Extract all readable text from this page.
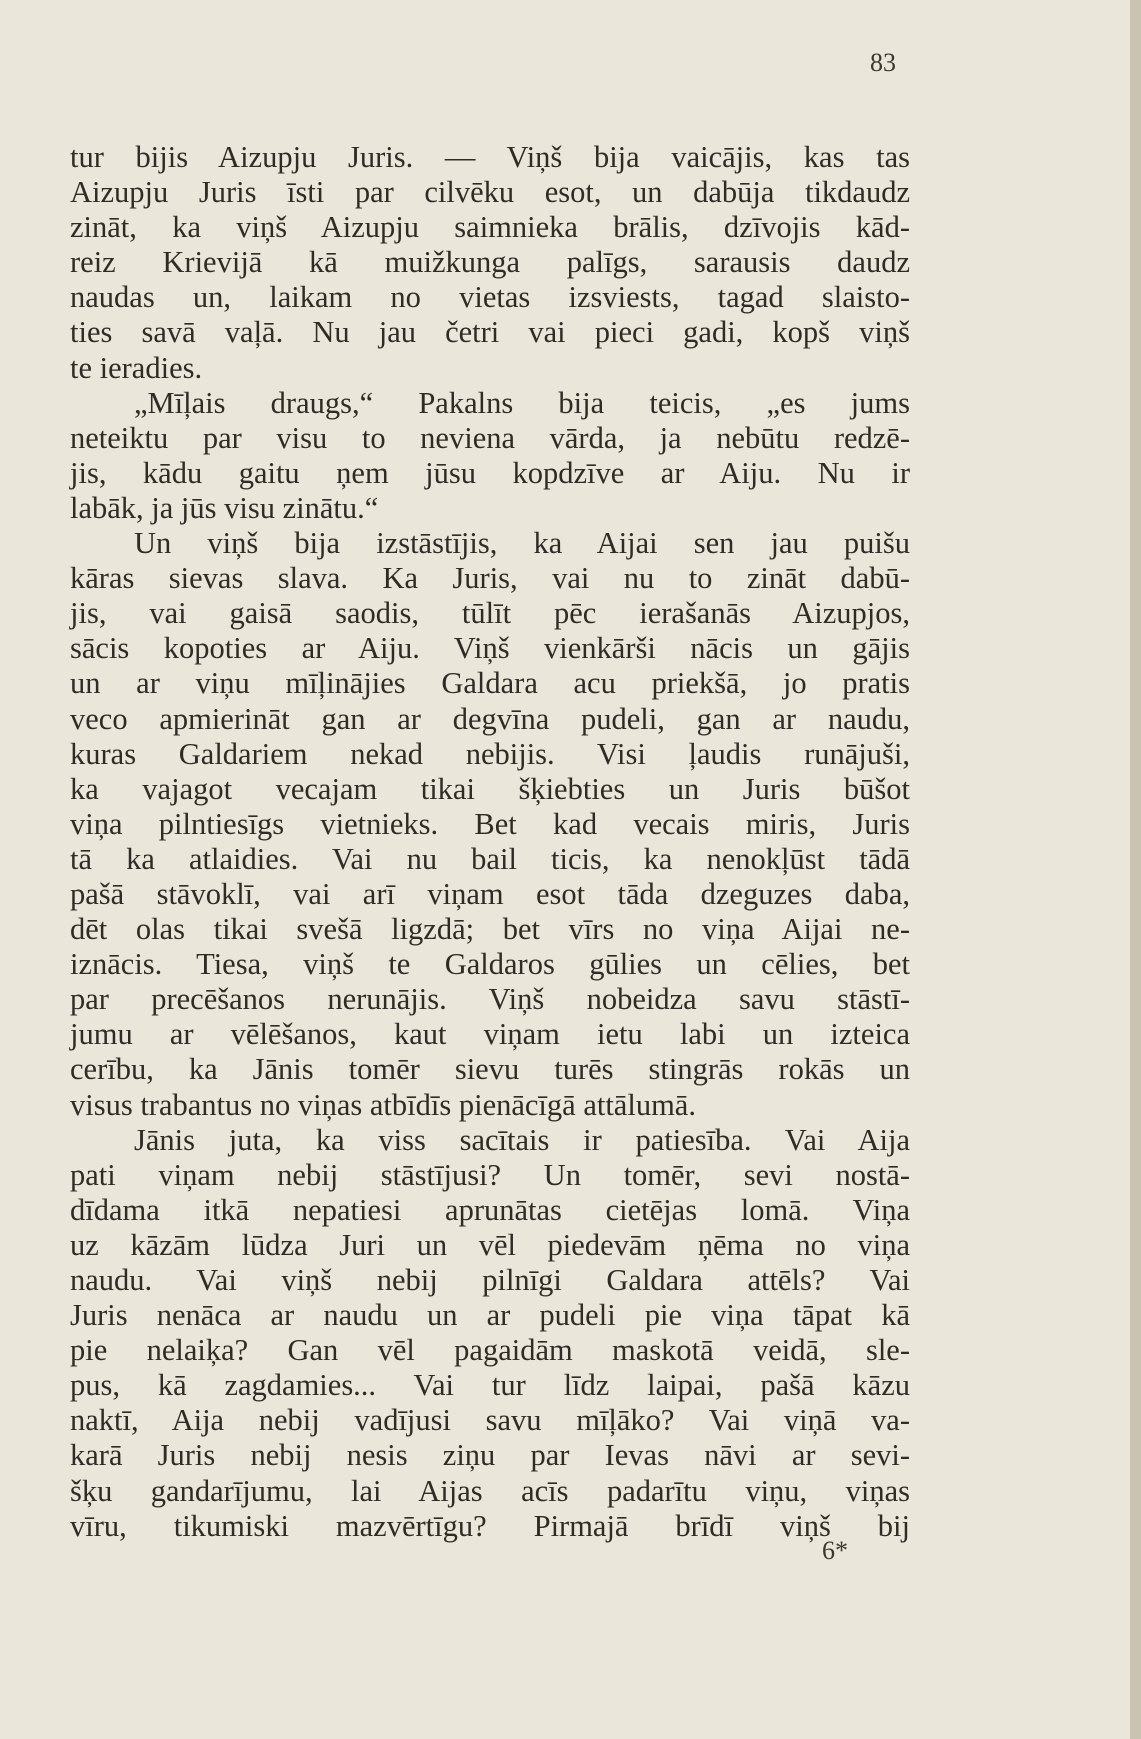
83
tur bijis Aizupju Juris. — Viņš bija vaicājis, kas tas
Aizupju Juris īsti par cilvēku esot, un dabūja tikdaudz
zināt, ka viņš Aizupju saimnieka brālis, dzīvojis kād-
reiz Krievijā kā muižkunga palīgs, sarausis daudz
naudas un, laikam no vietas izsviests, tagad slaisto-
ties savā vaļā. Nu jau četri vai pieci gadi, kopš viņš
te ieradies.
„Mīļais draugs,“ Pakalns bija teicis, „es jums
neteiktu par visu to neviena vārda, ja nebūtu redzē-
jis, kādu gaitu ņem jūsu kopdzīve ar Aiju. Nu ir
labāk, ja jūs visu zinātu.“
Un viņš bija izstāstījis, ka Aijai sen jau puišu
kāras sievas slava. Ka Juris, vai nu to zināt dabū-
jis, vai gaisā saodis, tūlīt pēc ierašanās Aizupjos,
sācis kopoties ar Aiju. Viņš vienkārši nācis un gājis
un ar viņu mīļinājies Galdara acu priekšā, jo pratis
veco apmierināt gan ar degvīna pudeli, gan ar naudu,
kuras Galdariem nekad nebijis. Visi ļaudis runājuši,
ka vajagot vecajam tikai šķiebties un Juris būšot
viņa pilntiesīgs vietnieks. Bet kad vecais miris, Juris
tā ka atlaidies. Vai nu bail ticis, ka nenokļūst tādā
pašā stāvoklī, vai arī viņam esot tāda dzeguzes daba,
dēt olas tikai svešā ligzdā; bet vīrs no viņa Aijai ne-
iznācis. Tiesa, viņš te Galdaros gūlies un cēlies, bet
par precēšanos nerunājis. Viņš nobeidza savu stāstī-
jumu ar vēlēšanos, kaut viņam ietu labi un izteica
cerību, ka Jānis tomēr sievu turēs stingrās rokās un
visus trabantus no viņas atbīdīs pienācīgā attālumā.
Jānis juta, ka viss sacītais ir patiesība. Vai Aija
pati viņam nebij stāstījusi? Un tomēr, sevi nostā-
dīdama itkā nepatiesi aprunātas cietējas lomā. Viņa
uz kāzām lūdza Juri un vēl piedevām ņēma no viņa
naudu. Vai viņš nebij pilnīgi Galdara attēls? Vai
Juris nenāca ar naudu un ar pudeli pie viņa tāpat kā
pie nelaiķa? Gan vēl pagaidām maskotā veidā, sle-
pus, kā zagdamies... Vai tur līdz laipai, pašā kāzu
naktī, Aija nebij vadījusi savu mīļāko? Vai viņā va-
karā Juris nebij nesis ziņu par Ievas nāvi ar sevi-
šķu gandarījumu, lai Aijas acīs padarītu viņu, viņas
vīru, tikumiski mazvērtīgu? Pirmajā brīdī viņš bij
6*
